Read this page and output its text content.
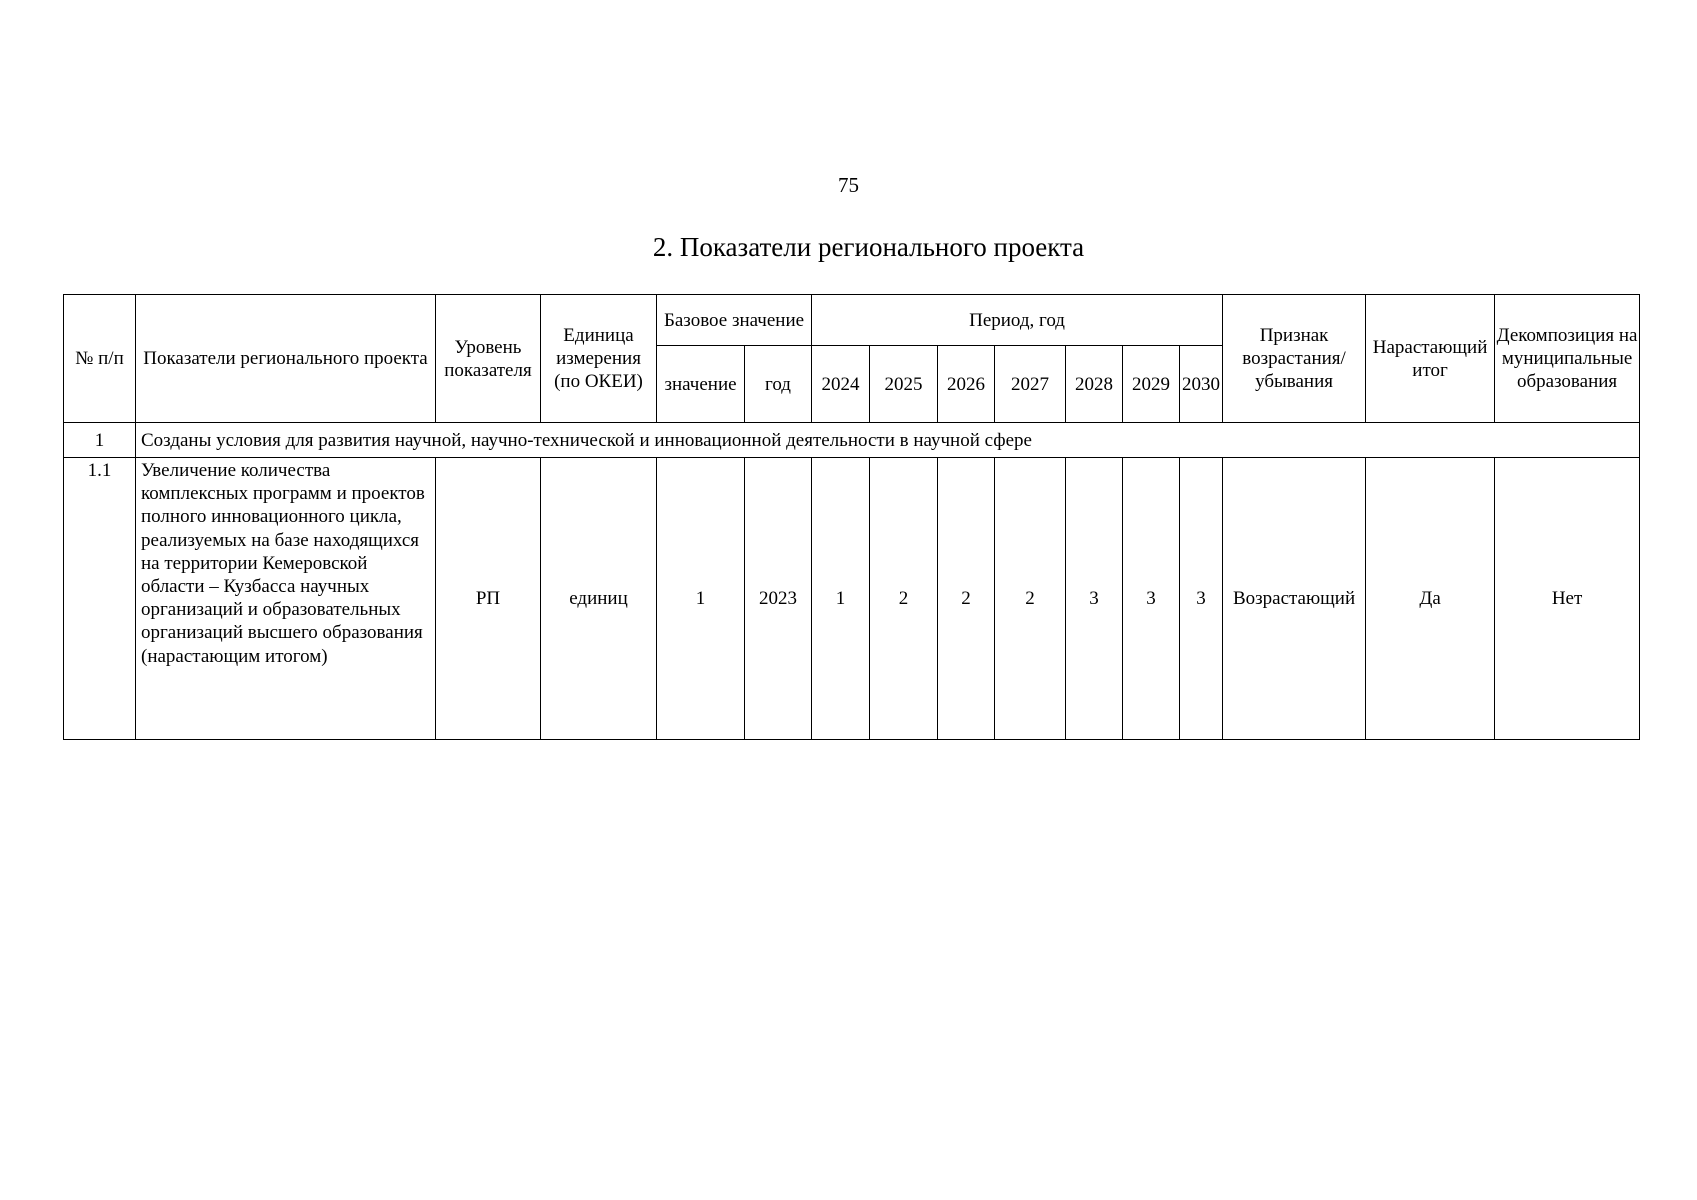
75
2. Показатели регионального проекта
№ п/п	Показатели регионального проекта	Уровень показателя	Единица измерения (по ОКЕИ)	Базовое значение		Период, год							Признак возрастания/ убывания	Нарастающий итог	Декомпозиция на муниципальные образования
				значение	год	2024	2025	2026	2027	2028	2029	2030			
1	Созданы условия для развития научной, научно-технической и инновационной деятельности в научной сфере														
1.1	Увеличение количества комплексных программ и проектов полного инновационного цикла, реализуемых на базе находящихся на территории Кемеровской области – Кузбасса научных организаций и образовательных организаций высшего образования (нарастающим итогом)	РП	единиц	1	2023	1	2	2	2	3	3	3	Возрастающий	Да	Нет
